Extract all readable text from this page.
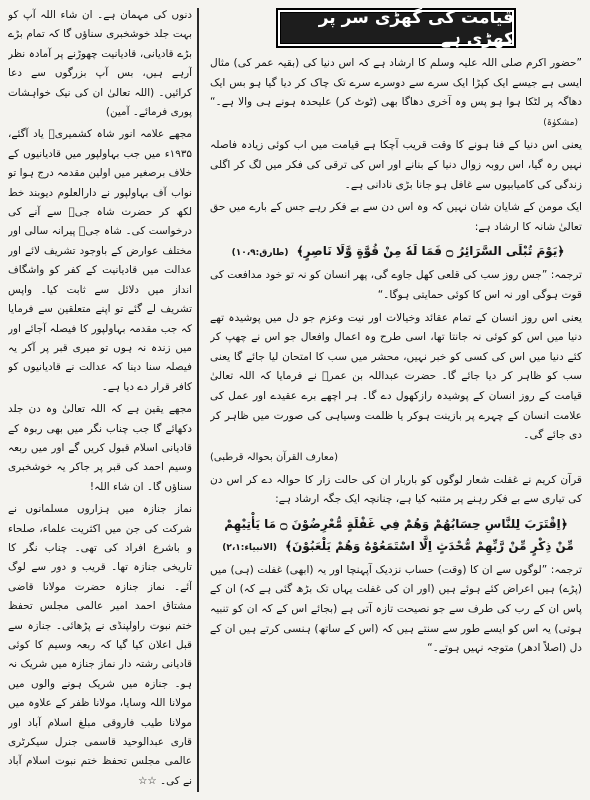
قیامت کی گھڑی سر پر کھڑی ہے

”حضور اکرم صلی اللہ علیہ وسلم کا ارشاد ہے کہ اس دنیا کی (بقیہ عمر کی) مثال ایسی ہے جیسے ایک کپڑا ایک سرے سے دوسرے سرے تک چاک کر دیا گیا ہو بس ایک دھاگہ پر لٹکا ہوا ہو پس وہ آخری دھاگا بھی (ٹوٹ کر) علیحدہ ہونے ہی والا ہے۔“ (مشکوٰۃ)

یعنی اس دنیا کے فنا ہونے کا وقت قریب آچکا ہے قیامت میں اب کوئی زیادہ فاصلہ نہیں رہ گیا، اس روبہ زوال دنیا کے بنانے اور اس کی ترقی کی فکر میں لگ کر اگلی زندگی کی کامیابیوں سے غافل ہو جانا بڑی نادانی ہے۔

ایک مومن کے شایان شان نہیں کہ وہ اس دن سے بے فکر رہے جس کے بارے میں حق تعالیٰ شانہ کا ارشاد ہے:

﴿یَوْمَ تُبْلَی السَّرَائِرُ ۝ فَمَا لَهٗ مِنْ قُوَّةٍ وَّلَا نَاصِرٍ﴾ (طارق:۱۰،۹)

ترجمہ: ”جس روز سب کی قلعی کھل جاوے گی، پھر انسان کو نہ تو خود مدافعت کی قوت ہوگی اور نہ اس کا کوئی حمایتی ہوگا۔“

یعنی اس روز انسان کے تمام عقائد وخیالات اور نیت وعزم جو دل میں پوشیدہ تھے دنیا میں اس کو کوئی نہ جانتا تھا، اسی طرح وہ اعمال وافعال جو اس نے چھپ کر کئے دنیا میں اس کی کسی کو خبر نہیں، محشر میں سب کا امتحان لیا جائے گا یعنی سب کو ظاہر کر دیا جائے گا۔ حضرت عبداللہ بن عمرؓ نے فرمایا کہ اللہ تعالیٰ قیامت کے روز انسان کے پوشیدہ رازکھول دے گا۔ ہر اچھے برے عقیدے اور عمل کی علامت انسان کے چہرے پر بازینت ہوکر یا ظلمت وسیاہی کی صورت میں ظاہر کر دی جائے گی۔

(معارف القرآن بحوالہ قرطبی)

قرآن کریم نے غفلت شعار لوگوں کو باربار ان کی حالت زار کا حوالہ دے کر اس دن کی تیاری سے بے فکر رہنے پر متنبہ کیا ہے، چنانچہ ایک جگہ ارشاد ہے:

﴿اِقْتَرَبَ لِلنَّاسِ حِسَابُهُمْ وَهُمْ فِي غَفْلَةٍ مُّعْرِضُوْنَ ۝ مَا يَأْتِيْهِمْ
مِّنْ ذِكْرٍ مِّنْ رَّبِّهِمْ مُّحْدَثٍ اِلَّا اسْتَمَعُوْهُ وَهُمْ يَلْعَبُوْنَ﴾ (الانبیاء:۲،۱)

ترجمہ: ”لوگوں سے ان کا (وقت) حساب نزدیک آپہنچا اور یہ (ابھی) غفلت (ہی) میں (پڑے) ہیں اعراض کئے ہوئے ہیں (اور ان کی غفلت یہاں تک بڑھ گئی ہے کہ) ان کے پاس ان کے رب کی طرف سے جو نصیحت تازہ آتی ہے (بجائے اس کے کہ ان کو تنبیہ ہوتی) یہ اس کو ایسے طور سے سنتے ہیں کہ (اس کے ساتھ) ہنسی کرتے ہیں ان کے دل (اصلاً ادھر) متوجہ نہیں ہوتے۔“

دنوں کی مہمان ہے۔ ان شاء اللہ آپ کو بہت جلد خوشخبری سناؤں گا کہ تمام بڑے بڑے قادیانی، قادیانیت چھوڑنے پر آمادہ نظر آرہے ہیں، بس آپ بزرگوں سے دعا کرائیں۔ (اللہ تعالیٰ ان کی نیک خواہشات پوری فرمائے۔ آمین)

مجھے علامہ انور شاہ کشمیریؒ یاد آگئے، ۱۹۳۵ء میں جب بہاولپور میں قادیانیوں کے خلاف برصغیر میں اولین مقدمہ درج ہوا تو نواب آف بہاولپور نے دارالعلوم دیوبند خط لکھ کر حضرت شاہ جیؒ سے آنے کی درخواست کی۔ شاہ جیؒ پیرانہ سالی اور مختلف عوارض کے باوجود تشریف لائے اور عدالت میں قادیانیت کے کفر کو واشگاف انداز میں دلائل سے ثابت کیا۔ واپس تشریف لے گئے تو اپنے متعلقین سے فرمایا کہ جب مقدمہ بہاولپور کا فیصلہ آجائے اور میں زندہ نہ ہوں تو میری قبر پر آکر یہ فیصلہ سنا دینا کہ عدالت نے قادیانیوں کو کافر قرار دے دیا ہے۔

مجھے یقین ہے کہ اللہ تعالیٰ وہ دن جلد دکھائے گا جب چناب نگر میں بھی ربوہ کے قادیانی اسلام قبول کریں گے اور میں ربعہ وسیم احمد کی قبر پر جاکر یہ خوشخبری سناؤں گا۔ ان شاء اللہ!

نماز جنازہ میں ہزاروں مسلمانوں نے شرکت کی جن میں اکثریت علماء، صلحاء و باشرع افراد کی تھی۔ چناب نگر کا تاریخی جنازہ تھا۔ قریب و دور سے لوگ آئے۔ نماز جنازہ حضرت مولانا قاضی مشتاق احمد امیر عالمی مجلس تحفظ ختم نبوت راولپنڈی نے پڑھائی۔ جنازہ سے قبل اعلان کیا گیا کہ ربعہ وسیم کا کوئی قادیانی رشتہ دار نماز جنازہ میں شریک نہ ہو۔ جنازہ میں شریک ہونے والوں میں مولانا اللہ وسایا، مولانا ظفر کے علاوہ میں مولانا طیب فاروقی مبلغ اسلام آباد اور قاری عبدالوحید قاسمی جنرل سیکرٹری عالمی مجلس تحفظ ختم نبوت اسلام آباد نے کی۔ ☆☆
